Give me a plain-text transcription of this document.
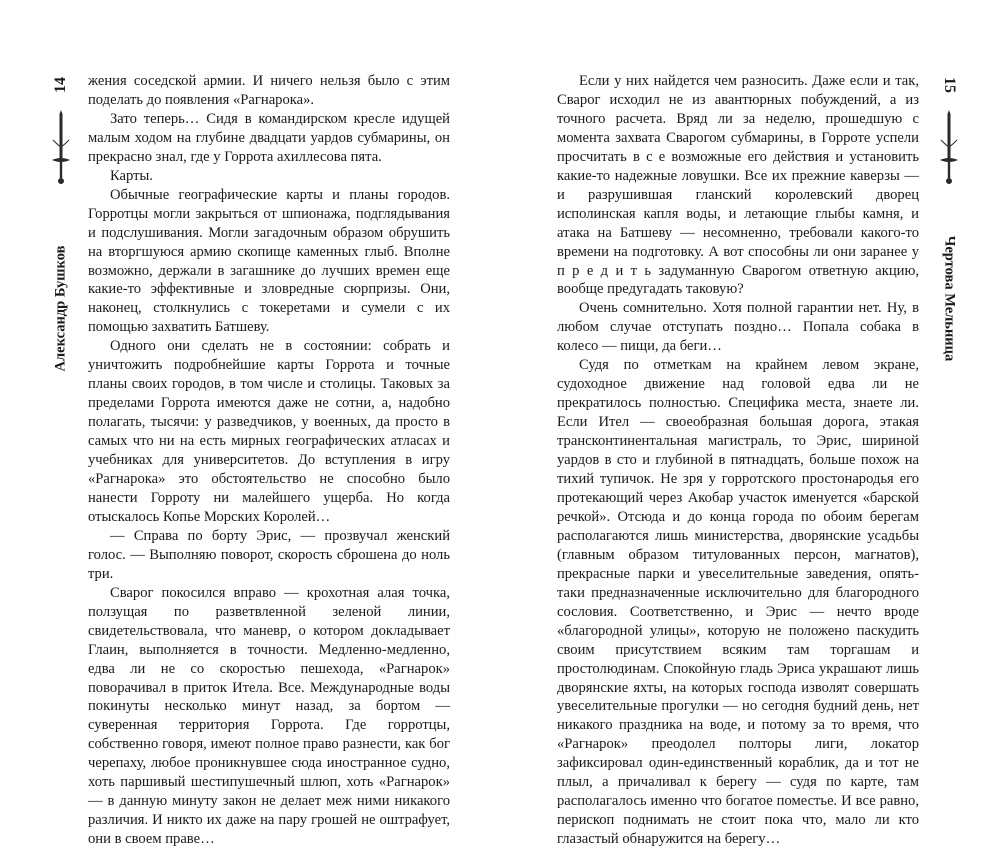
14
Александр Бушков

жения соседской армии. И ничего нельзя было с этим поделать до появления «Рагнарока».

Зато теперь… Сидя в командирском кресле идущей малым ходом на глубине двадцати уардов субмарины, он прекрасно знал, где у Горрота ахиллесова пята.

Карты.

Обычные географические карты и планы городов. Горротцы могли закрыться от шпионажа, подглядывания и подслушивания. Могли загадочным образом обрушить на вторгшуюся армию скопище каменных глыб. Вполне возможно, держали в загашнике до лучших времен еще какие-то эффективные и зловредные сюрпризы. Они, наконец, столкнулись с токеретами и сумели с их помощью захватить Батшеву.

Одного они сделать не в состоянии: собрать и уничтожить подробнейшие карты Горрота и точные планы своих городов, в том числе и столицы. Таковых за пределами Горрота имеются даже не сотни, а, надобно полагать, тысячи: у разведчиков, у военных, да просто в самых что ни на есть мирных географических атласах и учебниках для университетов. До вступления в игру «Рагнарока» это обстоятельство не способно было нанести Горроту ни малейшего ущерба. Но когда отыскалось Копье Морских Королей…

— Справа по борту Эрис, — прозвучал женский голос. — Выполняю поворот, скорость сброшена до ноль три.

Сварог покосился вправо — крохотная алая точка, ползущая по разветвленной зеленой линии, свидетельствовала, что маневр, о котором докладывает Глаин, выполняется в точности. Медленно-медленно, едва ли не со скоростью пешехода, «Рагнарок» поворачивал в приток Ителa. Все. Международные воды покинуты несколько минут назад, за бортом — суверенная территория Горрота. Где горротцы, собственно говоря, имеют полное право разнести, как бог черепаху, любое проникнувшее сюда иностранное судно, хоть паршивый шестипушечный шлюп, хоть «Рагнарок» — в данную минуту закон не делает меж ними никакого различия. И никто их даже на пару грошей не оштрафует, они в своем праве…

Если у них найдется чем разносить. Даже если и так, Сварог исходил не из авантюрных побуждений, а из точного расчета. Вряд ли за неделю, прошедшую с момента захвата Сварогом субмарины, в Горроте успели просчитать в с е возможные его действия и установить какие-то надежные ловушки. Все их прежние каверзы — и разрушившая гланский королевский дворец исполинская капля воды, и летающие глыбы камня, и атака на Батшеву — несомненно, требовали какого-то времени на подготовку. А вот способны ли они заранее у п р е д и т ь задуманную Сварогом ответную акцию, вообще предугадать таковую?

Очень сомнительно. Хотя полной гарантии нет. Ну, в любом случае отступать поздно… Попала собака в колесо — пищи, да беги…

Судя по отметкам на крайнем левом экране, судоходное движение над головой едва ли не прекратилось полностью. Специфика места, знаете ли. Если Ител — своеобразная большая дорога, этакая трансконтинентальная магистраль, то Эрис, шириной уардов в сто и глубиной в пятнадцать, больше похож на тихий тупичок. Не зря у горротского простонародья его протекающий через Акобар участок именуется «барской речкой». Отсюда и до конца города по обоим берегам располагаются лишь министерства, дворянские усадьбы (главным образом титулованных персон, магнатов), прекрасные парки и увеселительные заведения, опять-таки предназначенные исключительно для благородного сословия. Соответственно, и Эрис — нечто вроде «благородной улицы», которую не положено паскудить своим присутствием всяким там торгашам и простолюдинам. Спокойную гладь Эриса украшают лишь дворянские яхты, на которых господа изволят совершать увеселительные прогулки — но сегодня будний день, нет никакого праздника на воде, и потому за то время, что «Рагнарок» преодолел полторы лиги, локатор зафиксировал один-единственный кораблик, да и тот не плыл, а причаливал к берегу — судя по карте, там располагалось именно что богатое поместье. И все равно, перископ поднимать не стоит пока что, мало ли кто глазастый обнаружится на берегу…

15
Чертова Мельница
